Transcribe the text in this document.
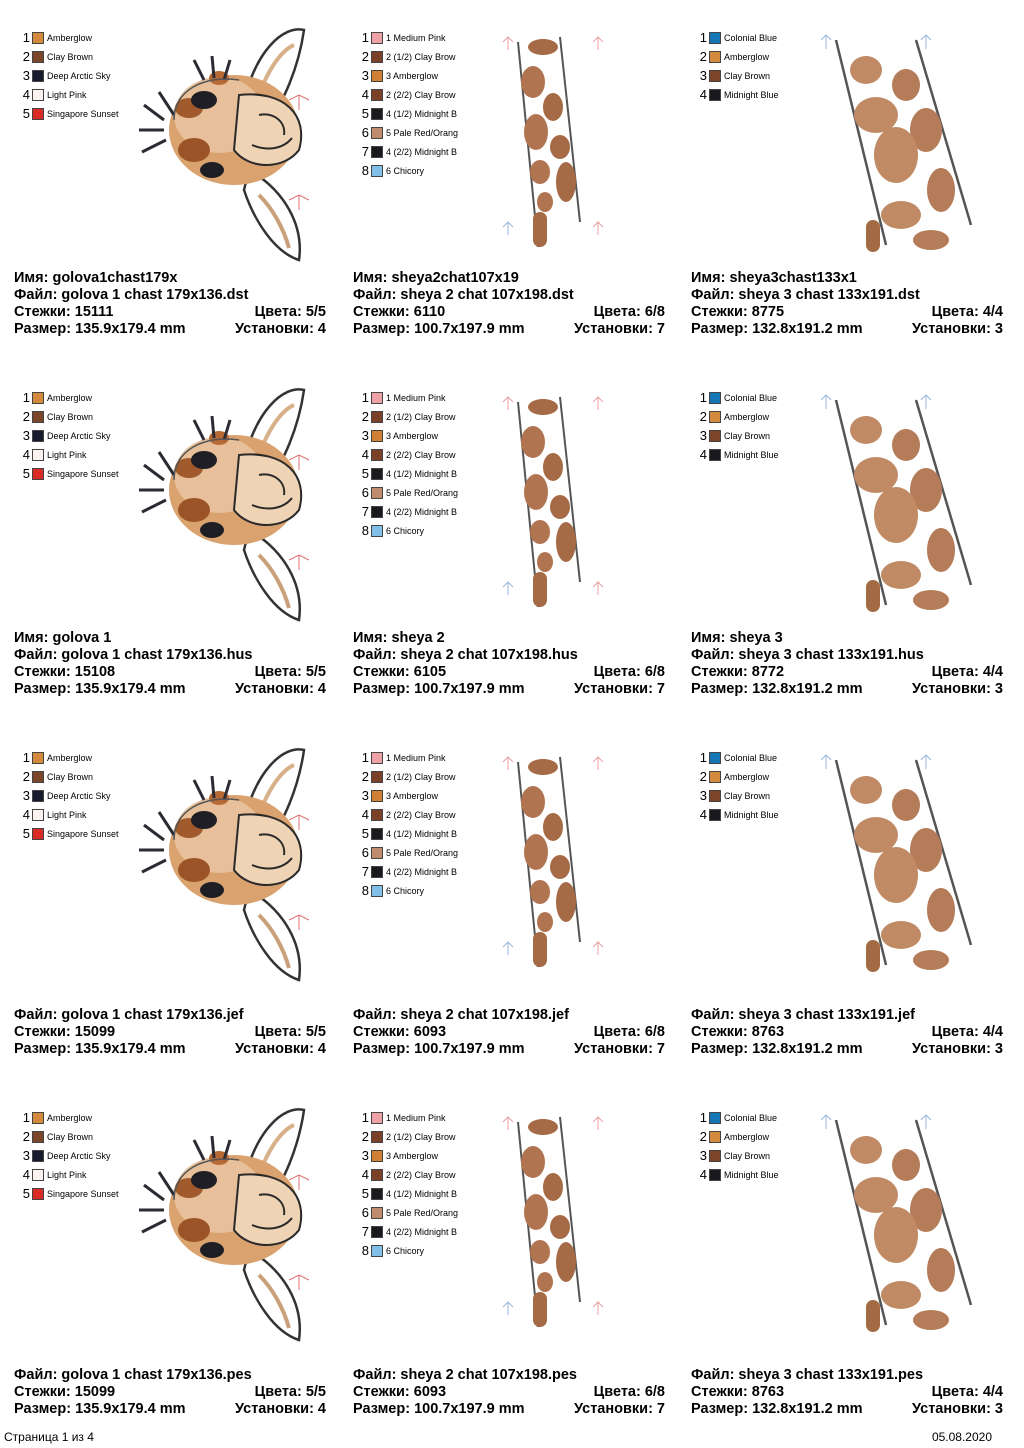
1 Amberglow
2 Clay Brown
3 Deep Arctic Sky
4 Light Pink
5 Singapore Sunset
Имя: golova1chast179x
Файл: golova 1 chast 179x136.dst
Стежки: 15111	Цвета: 5/5
Размер: 135.9x179.4 mm	Установки: 4
1 1 Medium Pink
2 2 (1/2) Clay Brow
3 3 Amberglow
4 2 (2/2) Clay Brow
5 4 (1/2) Midnight B
6 5 Pale Red/Orang
7 4 (2/2) Midnight B
8 6 Chicory
Имя: sheya2chat107x19
Файл: sheya 2 chat 107x198.dst
Стежки: 6110	Цвета: 6/8
Размер: 100.7x197.9 mm	Установки: 7
1 Colonial Blue
2 Amberglow
3 Clay Brown
4 Midnight Blue
Имя: sheya3chast133x1
Файл: sheya 3 chast 133x191.dst
Стежки: 8775	Цвета: 4/4
Размер: 132.8x191.2 mm	Установки: 3
1 Amberglow
2 Clay Brown
3 Deep Arctic Sky
4 Light Pink
5 Singapore Sunset
Имя: golova 1
Файл: golova 1 chast 179x136.hus
Стежки: 15108	Цвета: 5/5
Размер: 135.9x179.4 mm	Установки: 4
1 1 Medium Pink
2 2 (1/2) Clay Brow
3 3 Amberglow
4 2 (2/2) Clay Brow
5 4 (1/2) Midnight B
6 5 Pale Red/Orang
7 4 (2/2) Midnight B
8 6 Chicory
Имя: sheya 2
Файл: sheya 2 chat 107x198.hus
Стежки: 6105	Цвета: 6/8
Размер: 100.7x197.9 mm	Установки: 7
1 Colonial Blue
2 Amberglow
3 Clay Brown
4 Midnight Blue
Имя: sheya 3
Файл: sheya 3 chast 133x191.hus
Стежки: 8772	Цвета: 4/4
Размер: 132.8x191.2 mm	Установки: 3
1 Amberglow
2 Clay Brown
3 Deep Arctic Sky
4 Light Pink
5 Singapore Sunset
Файл: golova 1 chast 179x136.jef
Стежки: 15099	Цвета: 5/5
Размер: 135.9x179.4 mm	Установки: 4
1 1 Medium Pink
2 2 (1/2) Clay Brow
3 3 Amberglow
4 2 (2/2) Clay Brow
5 4 (1/2) Midnight B
6 5 Pale Red/Orang
7 4 (2/2) Midnight B
8 6 Chicory
Файл: sheya 2 chat 107x198.jef
Стежки: 6093	Цвета: 6/8
Размер: 100.7x197.9 mm	Установки: 7
1 Colonial Blue
2 Amberglow
3 Clay Brown
4 Midnight Blue
Файл: sheya 3 chast 133x191.jef
Стежки: 8763	Цвета: 4/4
Размер: 132.8x191.2 mm	Установки: 3
1 Amberglow
2 Clay Brown
3 Deep Arctic Sky
4 Light Pink
5 Singapore Sunset
Файл: golova 1 chast 179x136.pes
Стежки: 15099	Цвета: 5/5
Размер: 135.9x179.4 mm	Установки: 4
1 1 Medium Pink
2 2 (1/2) Clay Brow
3 3 Amberglow
4 2 (2/2) Clay Brow
5 4 (1/2) Midnight B
6 5 Pale Red/Orang
7 4 (2/2) Midnight B
8 6 Chicory
Файл: sheya 2 chat 107x198.pes
Стежки: 6093	Цвета: 6/8
Размер: 100.7x197.9 mm	Установки: 7
1 Colonial Blue
2 Amberglow
3 Clay Brown
4 Midnight Blue
Файл: sheya 3 chast 133x191.pes
Стежки: 8763	Цвета: 4/4
Размер: 132.8x191.2 mm	Установки: 3
Страница 1 из 4	05.08.2020
